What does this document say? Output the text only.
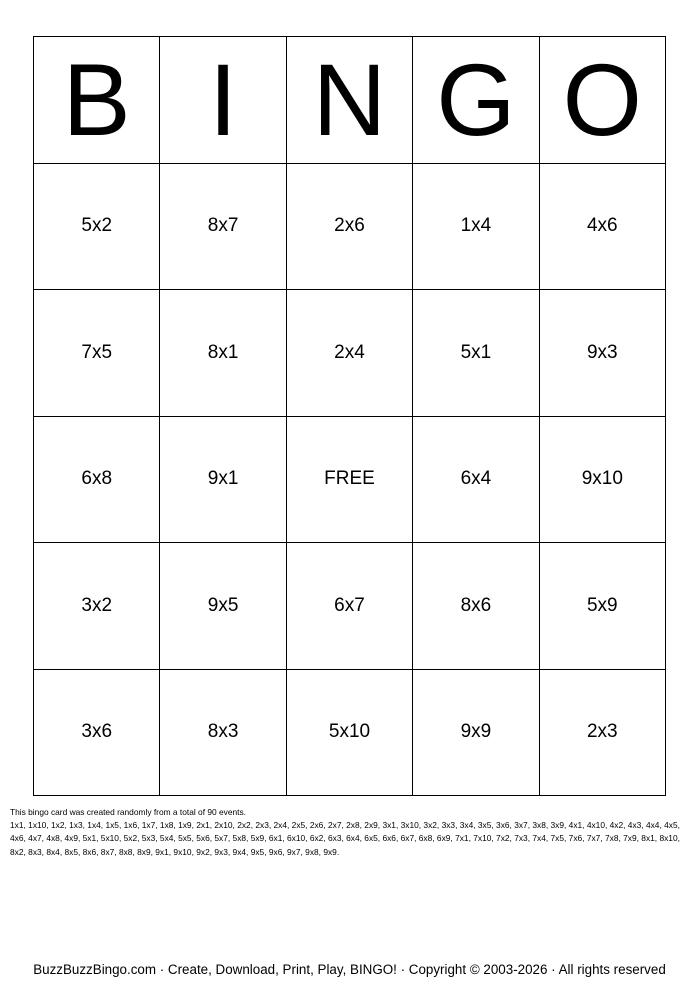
B I N G O
5x2	8x7	2x6	1x4	4x6
7x5	8x1	2x4	5x1	9x3
6x8	9x1	FREE	6x4	9x10
3x2	9x5	6x7	8x6	5x9
3x6	8x3	5x10	9x9	2x3
This bingo card was created randomly from a total of 90 events.
1x1, 1x10, 1x2, 1x3, 1x4, 1x5, 1x6, 1x7, 1x8, 1x9, 2x1, 2x10, 2x2, 2x3, 2x4, 2x5, 2x6, 2x7, 2x8, 2x9, 3x1, 3x10, 3x2, 3x3, 3x4, 3x5, 3x6, 3x7, 3x8, 3x9, 4x1, 4x10, 4x2, 4x3, 4x4, 4x5, 4x6, 4x7, 4x8, 4x9, 5x1, 5x10, 5x2, 5x3, 5x4, 5x5, 5x6, 5x7, 5x8, 5x9, 6x1, 6x10, 6x2, 6x3, 6x4, 6x5, 6x6, 6x7, 6x8, 6x9, 7x1, 7x10, 7x2, 7x3, 7x4, 7x5, 7x6, 7x7, 7x8, 7x9, 8x1, 8x10, 8x2, 8x3, 8x4, 8x5, 8x6, 8x7, 8x8, 8x9, 9x1, 9x10, 9x2, 9x3, 9x4, 9x5, 9x6, 9x7, 9x8, 9x9.
BuzzBuzzBingo.com · Create, Download, Print, Play, BINGO! · Copyright © 2003-2026 · All rights reserved
